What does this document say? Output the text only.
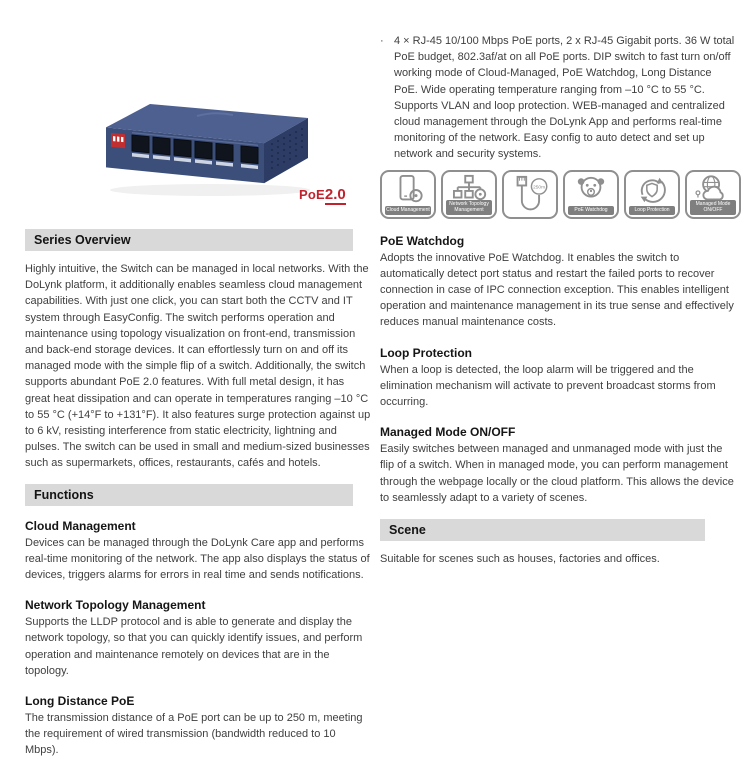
PoE2.0
· 4 × RJ-45 10/100 Mbps PoE ports, 2 x RJ-45 Gigabit ports. 36 W total PoE budget, 802.3af/at on all PoE ports. DIP switch to fast turn on/off working mode of Cloud-Managed, PoE Watchdog, Long Distance PoE. Wide operating temperature ranging from –10 °C to 55 °C. Supports VLAN and loop protection. WEB-managed and centralized cloud management through the DoLynk App and performs real-time monitoring of the network. Easy config to auto detect and set up network and security systems.

Cloud Management
Network Topology Management
250m
PoE Watchdog	Loop Protection
Managed Mode ON/OFF
PoE Watchdog

Adopts the innovative PoE Watchdog. It enables the switch to automatically detect port status and restart the failed ports to recover connection in case of IPC connection exception. This enables intelligent operation and maintenance management in its true sense and effectively reduces manual maintenance costs.

Loop Protection

When a loop is detected, the loop alarm will be triggered and the elimination mechanism will activate to prevent broadcast storms from occurring.

Managed Mode ON/OFF

Easily switches between managed and unmanaged mode with just the flip of a switch. When in managed mode, you can perform management through the webpage locally or the cloud platform. This allows the device to seamlessly adapt to a variety of scenes.

Scene

Suitable for scenes such as houses, factories and offices.

Series Overview

Highly intuitive, the Switch can be managed in local networks. With the DoLynk platform, it additionally enables seamless cloud management capabilities. With just one click, you can start both the CCTV and IT system through EasyConfig. The switch performs operation and maintenance using topology visualization on front-end, transmission and back-end storage devices. It can effortlessly turn on and off its managed mode with the simple flip of a switch. Additionally, the switch supports abundant PoE 2.0 features. With full metal design, it has great heat dissipation and can operate in temperatures ranging –10 °C to 55 °C (+14°F to +131°F). It also features surge protection against up to 6 kV, resisting interference from static electricity, lightning and pulses. The switch can be used in small and medium-sized businesses such as supermarkets, offices, restaurants, cafés and hotels.

Functions
Cloud Management

Devices can be managed through the DoLynk Care app and performs real-time monitoring of the network. The app also displays the status of devices, triggers alarms for errors in real time and sends notifications.

Network Topology Management

Supports the LLDP protocol and is able to generate and display the network topology, so that you can quickly identify issues, and perform operation and maintenance remotely on devices that are in the topology.

Long Distance PoE

The transmission distance of a PoE port can be up to 250 m, meeting the requirement of wired transmission (bandwidth reduced to 10 Mbps).
